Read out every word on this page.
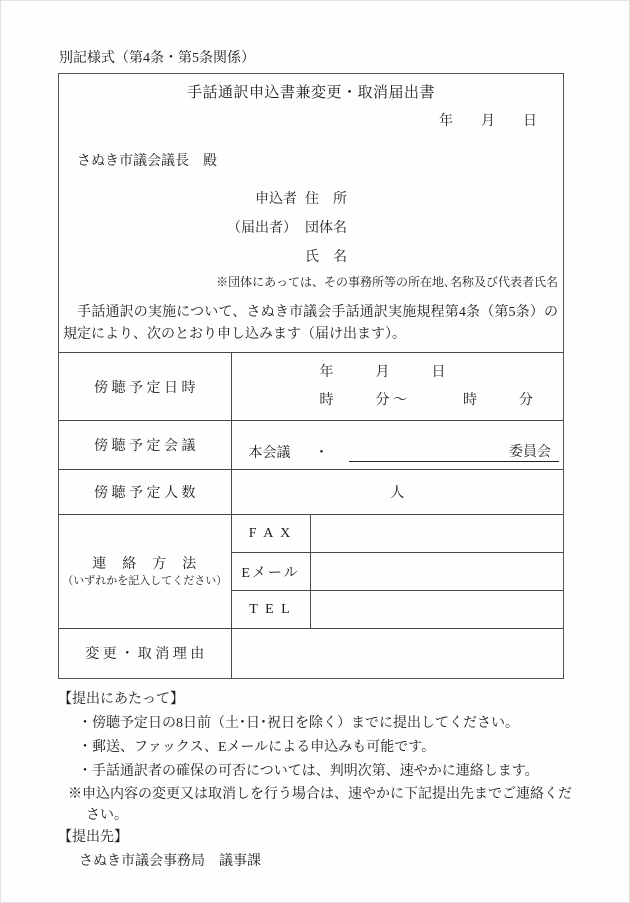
別記様式（第4条・第5条関係）
手話通訳申込書兼変更・取消届出書
年　　月　　日
さぬき市議会議長　殿
申込者 住　所
（届出者） 団体名
氏　名
※団体にあっては、その事務所等の所在地､名称及び代表者氏名
　手話通訳の実施について、さぬき市議会手話通訳実施規程第4条（第5条）の規定により、次のとおり申し込みます（届け出ます）。
傍 聴 予 定 日 時	年　　　月　　　日
時　　　分 ～　　　　時　　　分	

傍 聴 予 定 会 議	本会議 ・ 委員会	

傍 聴 予 定 人 数	人	

連　絡　方　法
（いずれかを記入してください）	F A X	
	Eメール	
	T E L	
変 更 ・ 取 消 理 由		
【提出にあたって】
・傍聴予定日の8日前（土･日･祝日を除く）までに提出してください。
・郵送、ファックス、Eメールによる申込みも可能です。
・手話通訳者の確保の可否については、判明次第、速やかに連絡します。
※申込内容の変更又は取消しを行う場合は、速やかに下記提出先までご連絡ください。
【提出先】
さぬき市議会事務局　議事課
